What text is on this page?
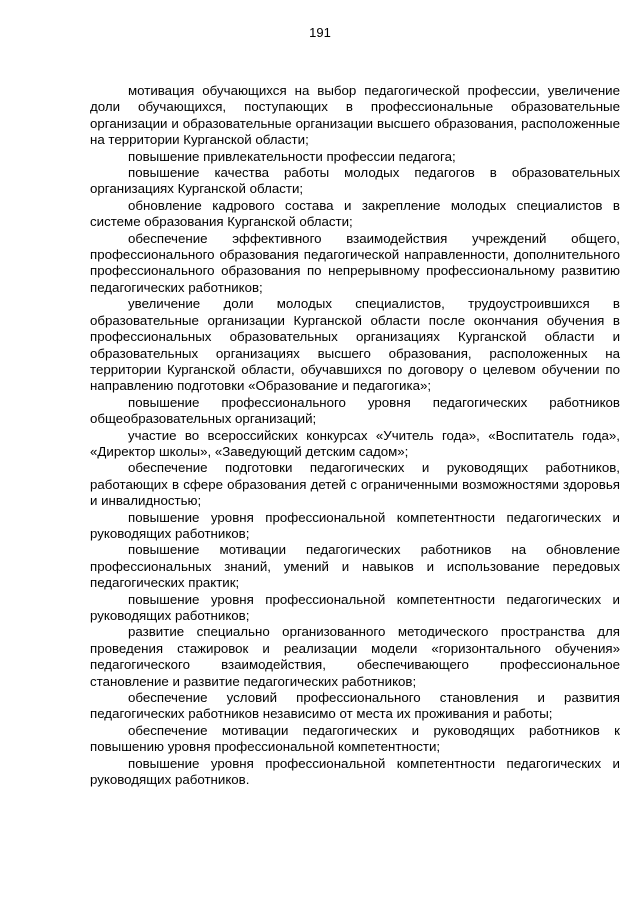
191

мотивация обучающихся на выбор педагогической профессии, увеличение доли обучающихся, поступающих в профессиональные образовательные организации и образовательные организации высшего образования, расположенные на территории Курганской области;

повышение привлекательности профессии педагога;

повышение качества работы молодых педагогов в образовательных организациях Курганской области;

обновление кадрового состава и закрепление молодых специалистов в системе образования Курганской области;

обеспечение эффективного взаимодействия учреждений общего, профессионального образования педагогической направленности, дополнительного профессионального образования по непрерывному профессиональному развитию педагогических работников;

увеличение доли молодых специалистов, трудоустроившихся в образовательные организации Курганской области после окончания обучения в профессиональных образовательных организациях Курганской области и образовательных организациях высшего образования, расположенных на территории Курганской области, обучавшихся по договору о целевом обучении по направлению подготовки «Образование и педагогика»;

повышение профессионального уровня педагогических работников общеобразовательных организаций;

участие во всероссийских конкурсах «Учитель года», «Воспитатель года», «Директор школы», «Заведующий детским садом»;

обеспечение подготовки педагогических и руководящих работников, работающих в сфере образования детей с ограниченными возможностями здоровья и инвалидностью;

повышение уровня профессиональной компетентности педагогических и руководящих работников;

повышение мотивации педагогических работников на обновление профессиональных знаний, умений и навыков и использование передовых педагогических практик;

повышение уровня профессиональной компетентности педагогических и руководящих работников;

развитие специально организованного методического пространства для проведения стажировок и реализации модели «горизонтального обучения» педагогического взаимодействия, обеспечивающего профессиональное становление и развитие педагогических работников;

обеспечение условий профессионального становления и развития педагогических работников независимо от места их проживания и работы;

обеспечение мотивации педагогических и руководящих работников к повышению уровня профессиональной компетентности;

повышение уровня профессиональной компетентности педагогических и руководящих работников.
